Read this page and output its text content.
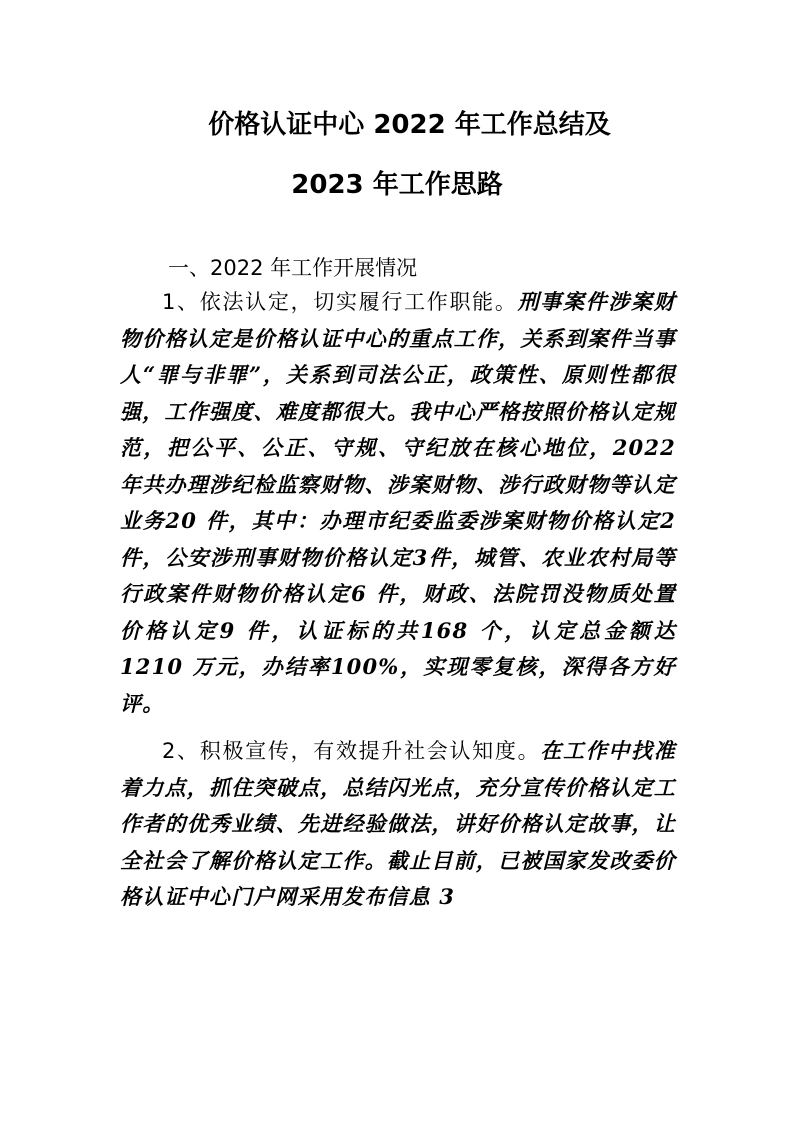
价格认证中心 2022 年工作总结及
2023 年工作思路
一、2022 年工作开展情况
1、依法认定，切实履行工作职能。刑事案件涉案财物价格认定是价格认证中心的重点工作，关系到案件当事人“罪与非罪”，关系到司法公正，政策性、原则性都很强，工作强度、难度都很大。我中心严格按照价格认定规范，把公平、公正、守规、守纪放在核心地位，2022 年共办理涉纪检监察财物、涉案财物、涉行政财物等认定业务20 件，其中：办理市纪委监委涉案财物价格认定2 件，公安涉刑事财物价格认定3件，城管、农业农村局等行政案件财物价格认定6 件，财政、法院罚没物质处置价格认定9 件，认证标的共168 个，认定总金额达1210 万元，办结率100%，实现零复核，深得各方好评。
2、积极宣传，有效提升社会认知度。在工作中找准着力点，抓住突破点，总结闪光点，充分宣传价格认定工作者的优秀业绩、先进经验做法，讲好价格认定故事，让全社会了解价格认定工作。截止目前，已被国家发改委价格认证中心门户网采用发布信息 3
